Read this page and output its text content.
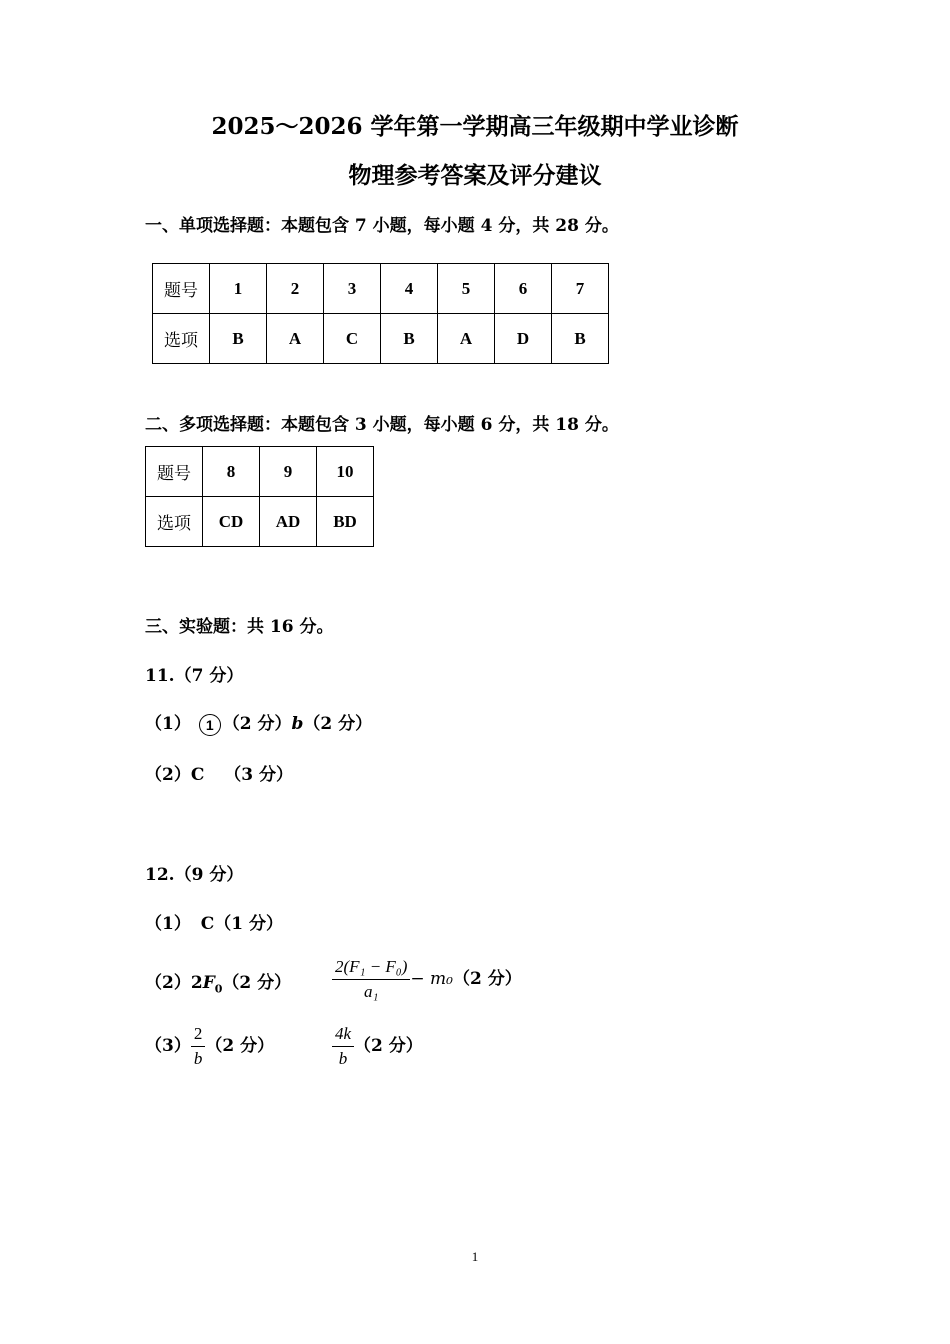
2025～2026 学年第一学期高三年级期中学业诊断
物理参考答案及评分建议
一、单项选择题：本题包含 7 小题，每小题 4 分，共 28 分。
题号	1	2	3	4	5	6	7
选项	B	A	C	B	A	D	B
二、多项选择题：本题包含 3 小题，每小题 6 分，共 18 分。
题号	8	9	10
选项	CD	AD	BD
三、实验题：共 16 分。
11.（7 分）
（1） 1 （2 分）b（2 分）
（2）C （3 分）
12.（9 分）
（1） C（1 分）
$(2)2F_0(2$ 分） $\frac{\text{2(F₁ − F₀)}}{\text{a₁}} - m_0(2$ 分）
$(3) \frac{2}{b} (2$ 分）	$\frac{4k}{b} (2$ 分）
1
